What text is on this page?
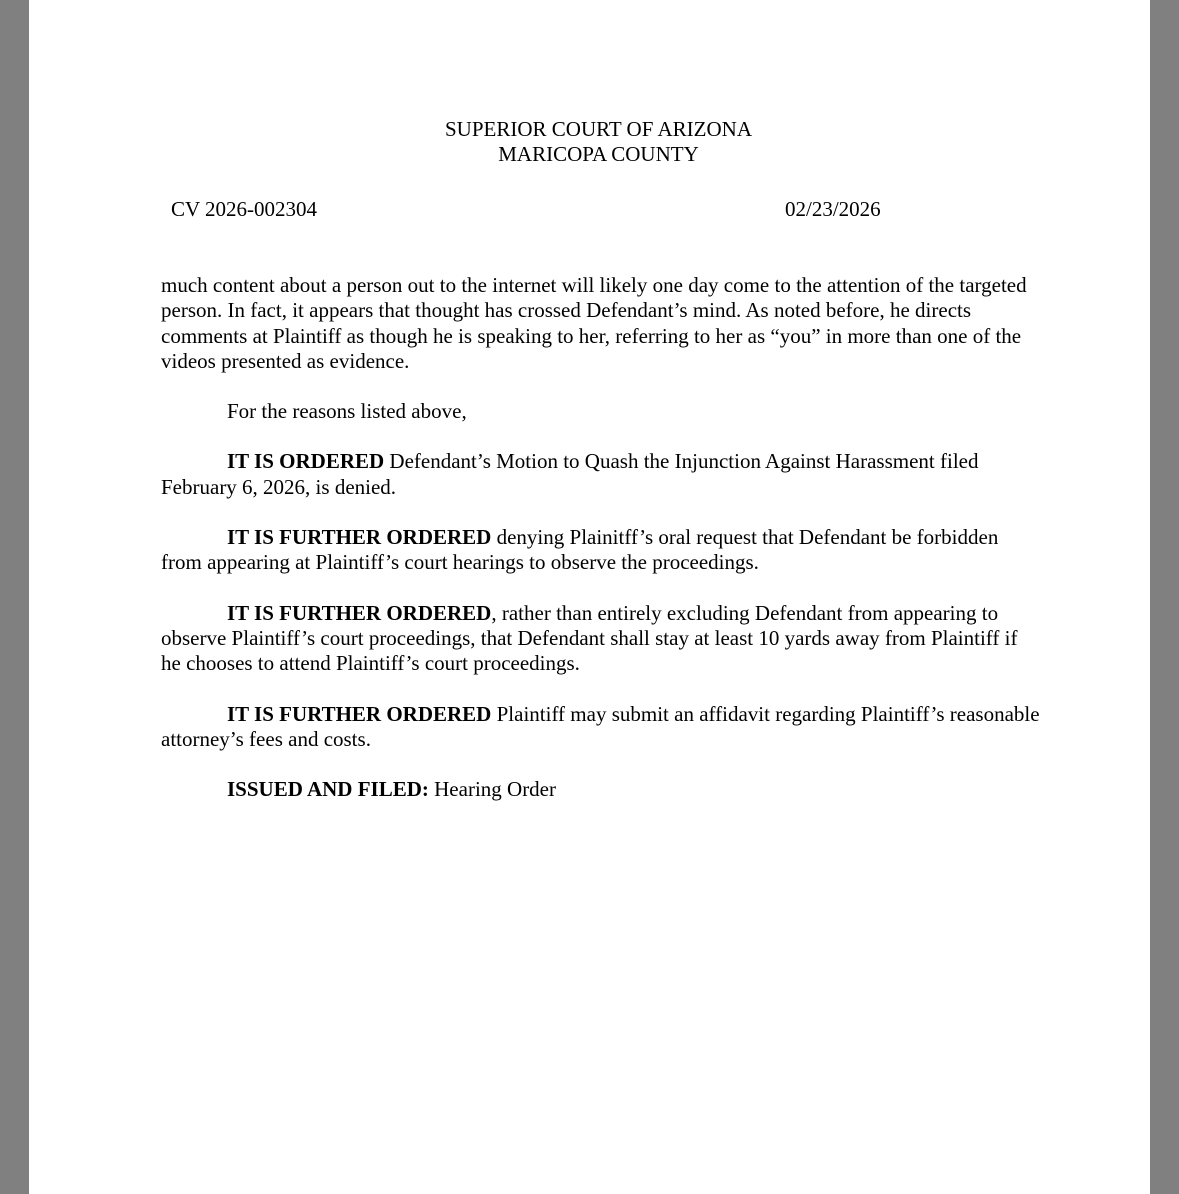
SUPERIOR COURT OF ARIZONA
MARICOPA COUNTY
CV 2026-002304	02/23/2026

much content about a person out to the internet will likely one day come to the attention of the targeted person. In fact, it appears that thought has crossed Defendant’s mind. As noted before, he directs comments at Plaintiff as though he is speaking to her, referring to her as “you” in more than one of the videos presented as evidence.

For the reasons listed above,

IT IS ORDERED Defendant’s Motion to Quash the Injunction Against Harassment filed February 6, 2026, is denied.

IT IS FURTHER ORDERED denying Plainitff’s oral request that Defendant be forbidden from appearing at Plaintiff’s court hearings to observe the proceedings.

IT IS FURTHER ORDERED, rather than entirely excluding Defendant from appearing to observe Plaintiff’s court proceedings, that Defendant shall stay at least 10 yards away from Plaintiff if he chooses to attend Plaintiff’s court proceedings.

IT IS FURTHER ORDERED Plaintiff may submit an affidavit regarding Plaintiff’s reasonable attorney’s fees and costs.

ISSUED AND FILED: Hearing Order
